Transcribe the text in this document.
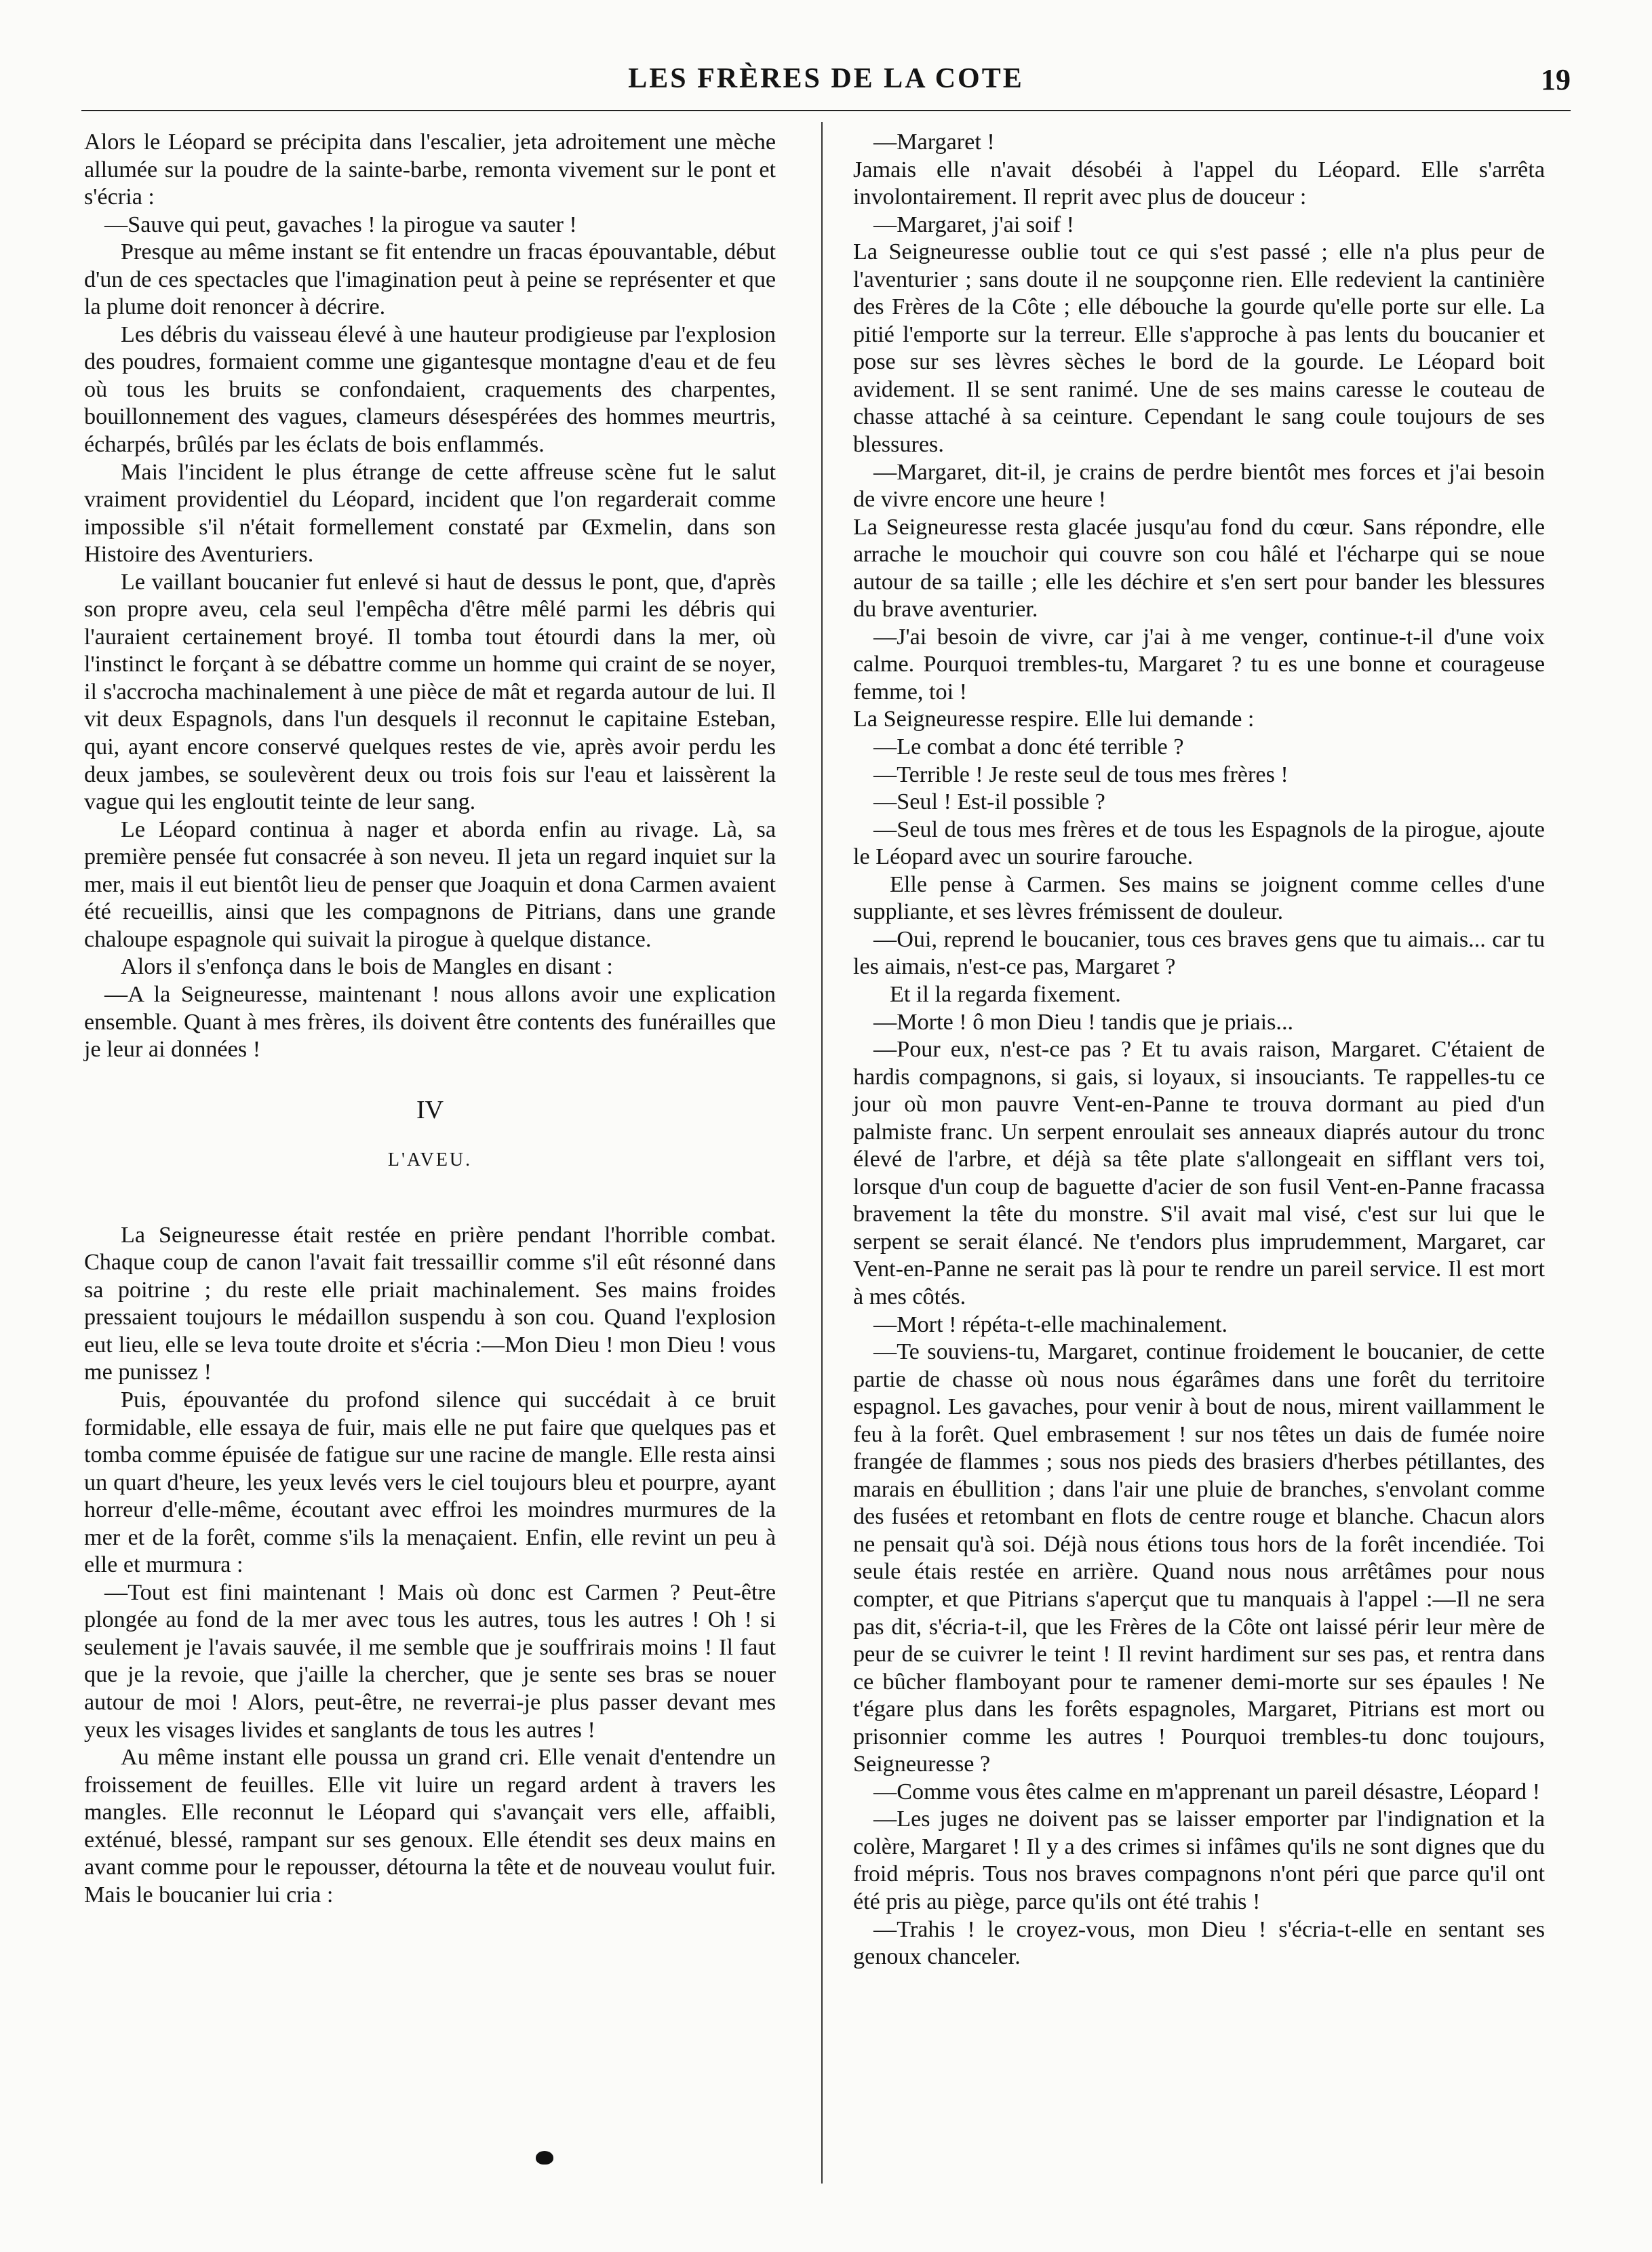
LES FRÈRES DE LA COTE	19

Alors le Léopard se précipita dans l'escalier, jeta adroitement une mèche allumée sur la poudre de la sainte-barbe, remonta vivement sur le pont et s'écria :

—Sauve qui peut, gavaches ! la pirogue va sauter !

Presque au même instant se fit entendre un fracas épouvantable, début d'un de ces spectacles que l'imagination peut à peine se représenter et que la plume doit renoncer à décrire.

Les débris du vaisseau élevé à une hauteur prodigieuse par l'explosion des poudres, formaient comme une gigantesque montagne d'eau et de feu où tous les bruits se confondaient, craquements des charpentes, bouillonnement des vagues, clameurs désespérées des hommes meurtris, écharpés, brûlés par les éclats de bois enflammés.

Mais l'incident le plus étrange de cette affreuse scène fut le salut vraiment providentiel du Léopard, incident que l'on regarderait comme impossible s'il n'était formellement constaté par Œxmelin, dans son Histoire des Aventuriers.

Le vaillant boucanier fut enlevé si haut de dessus le pont, que, d'après son propre aveu, cela seul l'empêcha d'être mêlé parmi les débris qui l'auraient certainement broyé. Il tomba tout étourdi dans la mer, où l'instinct le forçant à se débattre comme un homme qui craint de se noyer, il s'accrocha machinalement à une pièce de mât et regarda autour de lui. Il vit deux Espagnols, dans l'un desquels il reconnut le capitaine Esteban, qui, ayant encore conservé quelques restes de vie, après avoir perdu les deux jambes, se soulevèrent deux ou trois fois sur l'eau et laissèrent la vague qui les engloutit teinte de leur sang.

Le Léopard continua à nager et aborda enfin au rivage. Là, sa première pensée fut consacrée à son neveu. Il jeta un regard inquiet sur la mer, mais il eut bientôt lieu de penser que Joaquin et dona Carmen avaient été recueillis, ainsi que les compagnons de Pitrians, dans une grande chaloupe espagnole qui suivait la pirogue à quelque distance.

Alors il s'enfonça dans le bois de Mangles en disant :

—A la Seigneuresse, maintenant ! nous allons avoir une explication ensemble. Quant à mes frères, ils doivent être contents des funérailles que je leur ai données !

IV
L'AVEU.

La Seigneuresse était restée en prière pendant l'horrible combat. Chaque coup de canon l'avait fait tressaillir comme s'il eût résonné dans sa poitrine ; du reste elle priait machinalement. Ses mains froides pressaient toujours le médaillon suspendu à son cou. Quand l'explosion eut lieu, elle se leva toute droite et s'écria :—Mon Dieu ! mon Dieu ! vous me punissez !

Puis, épouvantée du profond silence qui succédait à ce bruit formidable, elle essaya de fuir, mais elle ne put faire que quelques pas et tomba comme épuisée de fatigue sur une racine de mangle. Elle resta ainsi un quart d'heure, les yeux levés vers le ciel toujours bleu et pourpre, ayant horreur d'elle-même, écoutant avec effroi les moindres murmures de la mer et de la forêt, comme s'ils la menaçaient. Enfin, elle revint un peu à elle et murmura :

—Tout est fini maintenant ! Mais où donc est Carmen ? Peut-être plongée au fond de la mer avec tous les autres, tous les autres ! Oh ! si seulement je l'avais sauvée, il me semble que je souffrirais moins ! Il faut que je la revoie, que j'aille la chercher, que je sente ses bras se nouer autour de moi ! Alors, peut-être, ne reverrai-je plus passer devant mes yeux les visages livides et sanglants de tous les autres !

Au même instant elle poussa un grand cri. Elle venait d'entendre un froissement de feuilles. Elle vit luire un regard ardent à travers les mangles. Elle reconnut le Léopard qui s'avançait vers elle, affaibli, exténué, blessé, rampant sur ses genoux. Elle étendit ses deux mains en avant comme pour le repousser, détourna la tête et de nouveau voulut fuir. Mais le boucanier lui cria :

—Margaret !

Jamais elle n'avait désobéi à l'appel du Léopard. Elle s'arrêta involontairement. Il reprit avec plus de douceur :

—Margaret, j'ai soif !

La Seigneuresse oublie tout ce qui s'est passé ; elle n'a plus peur de l'aventurier ; sans doute il ne soupçonne rien. Elle redevient la cantinière des Frères de la Côte ; elle débouche la gourde qu'elle porte sur elle. La pitié l'emporte sur la terreur. Elle s'approche à pas lents du boucanier et pose sur ses lèvres sèches le bord de la gourde. Le Léopard boit avidement. Il se sent ranimé. Une de ses mains caresse le couteau de chasse attaché à sa ceinture. Cependant le sang coule toujours de ses blessures.

—Margaret, dit-il, je crains de perdre bientôt mes forces et j'ai besoin de vivre encore une heure !

La Seigneuresse resta glacée jusqu'au fond du cœur. Sans répondre, elle arrache le mouchoir qui couvre son cou hâlé et l'écharpe qui se noue autour de sa taille ; elle les déchire et s'en sert pour bander les blessures du brave aventurier.

—J'ai besoin de vivre, car j'ai à me venger, continue-t-il d'une voix calme. Pourquoi trembles-tu, Margaret ? tu es une bonne et courageuse femme, toi !

La Seigneuresse respire. Elle lui demande :

—Le combat a donc été terrible ?

—Terrible ! Je reste seul de tous mes frères !

—Seul ! Est-il possible ?

—Seul de tous mes frères et de tous les Espagnols de la pirogue, ajoute le Léopard avec un sourire farouche.

Elle pense à Carmen. Ses mains se joignent comme celles d'une suppliante, et ses lèvres frémissent de douleur.

—Oui, reprend le boucanier, tous ces braves gens que tu aimais... car tu les aimais, n'est-ce pas, Margaret ?

Et il la regarda fixement.

—Morte ! ô mon Dieu ! tandis que je priais...

—Pour eux, n'est-ce pas ? Et tu avais raison, Margaret. C'étaient de hardis compagnons, si gais, si loyaux, si insouciants. Te rappelles-tu ce jour où mon pauvre Vent-en-Panne te trouva dormant au pied d'un palmiste franc. Un serpent enroulait ses anneaux diaprés autour du tronc élevé de l'arbre, et déjà sa tête plate s'allongeait en sifflant vers toi, lorsque d'un coup de baguette d'acier de son fusil Vent-en-Panne fracassa bravement la tête du monstre. S'il avait mal visé, c'est sur lui que le serpent se serait élancé. Ne t'endors plus imprudemment, Margaret, car Vent-en-Panne ne serait pas là pour te rendre un pareil service. Il est mort à mes côtés.

—Mort ! répéta-t-elle machinalement.

—Te souviens-tu, Margaret, continue froidement le boucanier, de cette partie de chasse où nous nous égarâmes dans une forêt du territoire espagnol. Les gavaches, pour venir à bout de nous, mirent vaillamment le feu à la forêt. Quel embrasement ! sur nos têtes un dais de fumée noire frangée de flammes ; sous nos pieds des brasiers d'herbes pétillantes, des marais en ébullition ; dans l'air une pluie de branches, s'envolant comme des fusées et retombant en flots de centre rouge et blanche. Chacun alors ne pensait qu'à soi. Déjà nous étions tous hors de la forêt incendiée. Toi seule étais restée en arrière. Quand nous nous arrêtâmes pour nous compter, et que Pitrians s'aperçut que tu manquais à l'appel :—Il ne sera pas dit, s'écria-t-il, que les Frères de la Côte ont laissé périr leur mère de peur de se cuivrer le teint ! Il revint hardiment sur ses pas, et rentra dans ce bûcher flamboyant pour te ramener demi-morte sur ses épaules ! Ne t'égare plus dans les forêts espagnoles, Margaret, Pitrians est mort ou prisonnier comme les autres ! Pourquoi trembles-tu donc toujours, Seigneuresse ?

—Comme vous êtes calme en m'apprenant un pareil désastre, Léopard !

—Les juges ne doivent pas se laisser emporter par l'indignation et la colère, Margaret ! Il y a des crimes si infâmes qu'ils ne sont dignes que du froid mépris. Tous nos braves compagnons n'ont péri que parce qu'il ont été pris au piège, parce qu'ils ont été trahis !

—Trahis ! le croyez-vous, mon Dieu ! s'écria-t-elle en sentant ses genoux chanceler.
